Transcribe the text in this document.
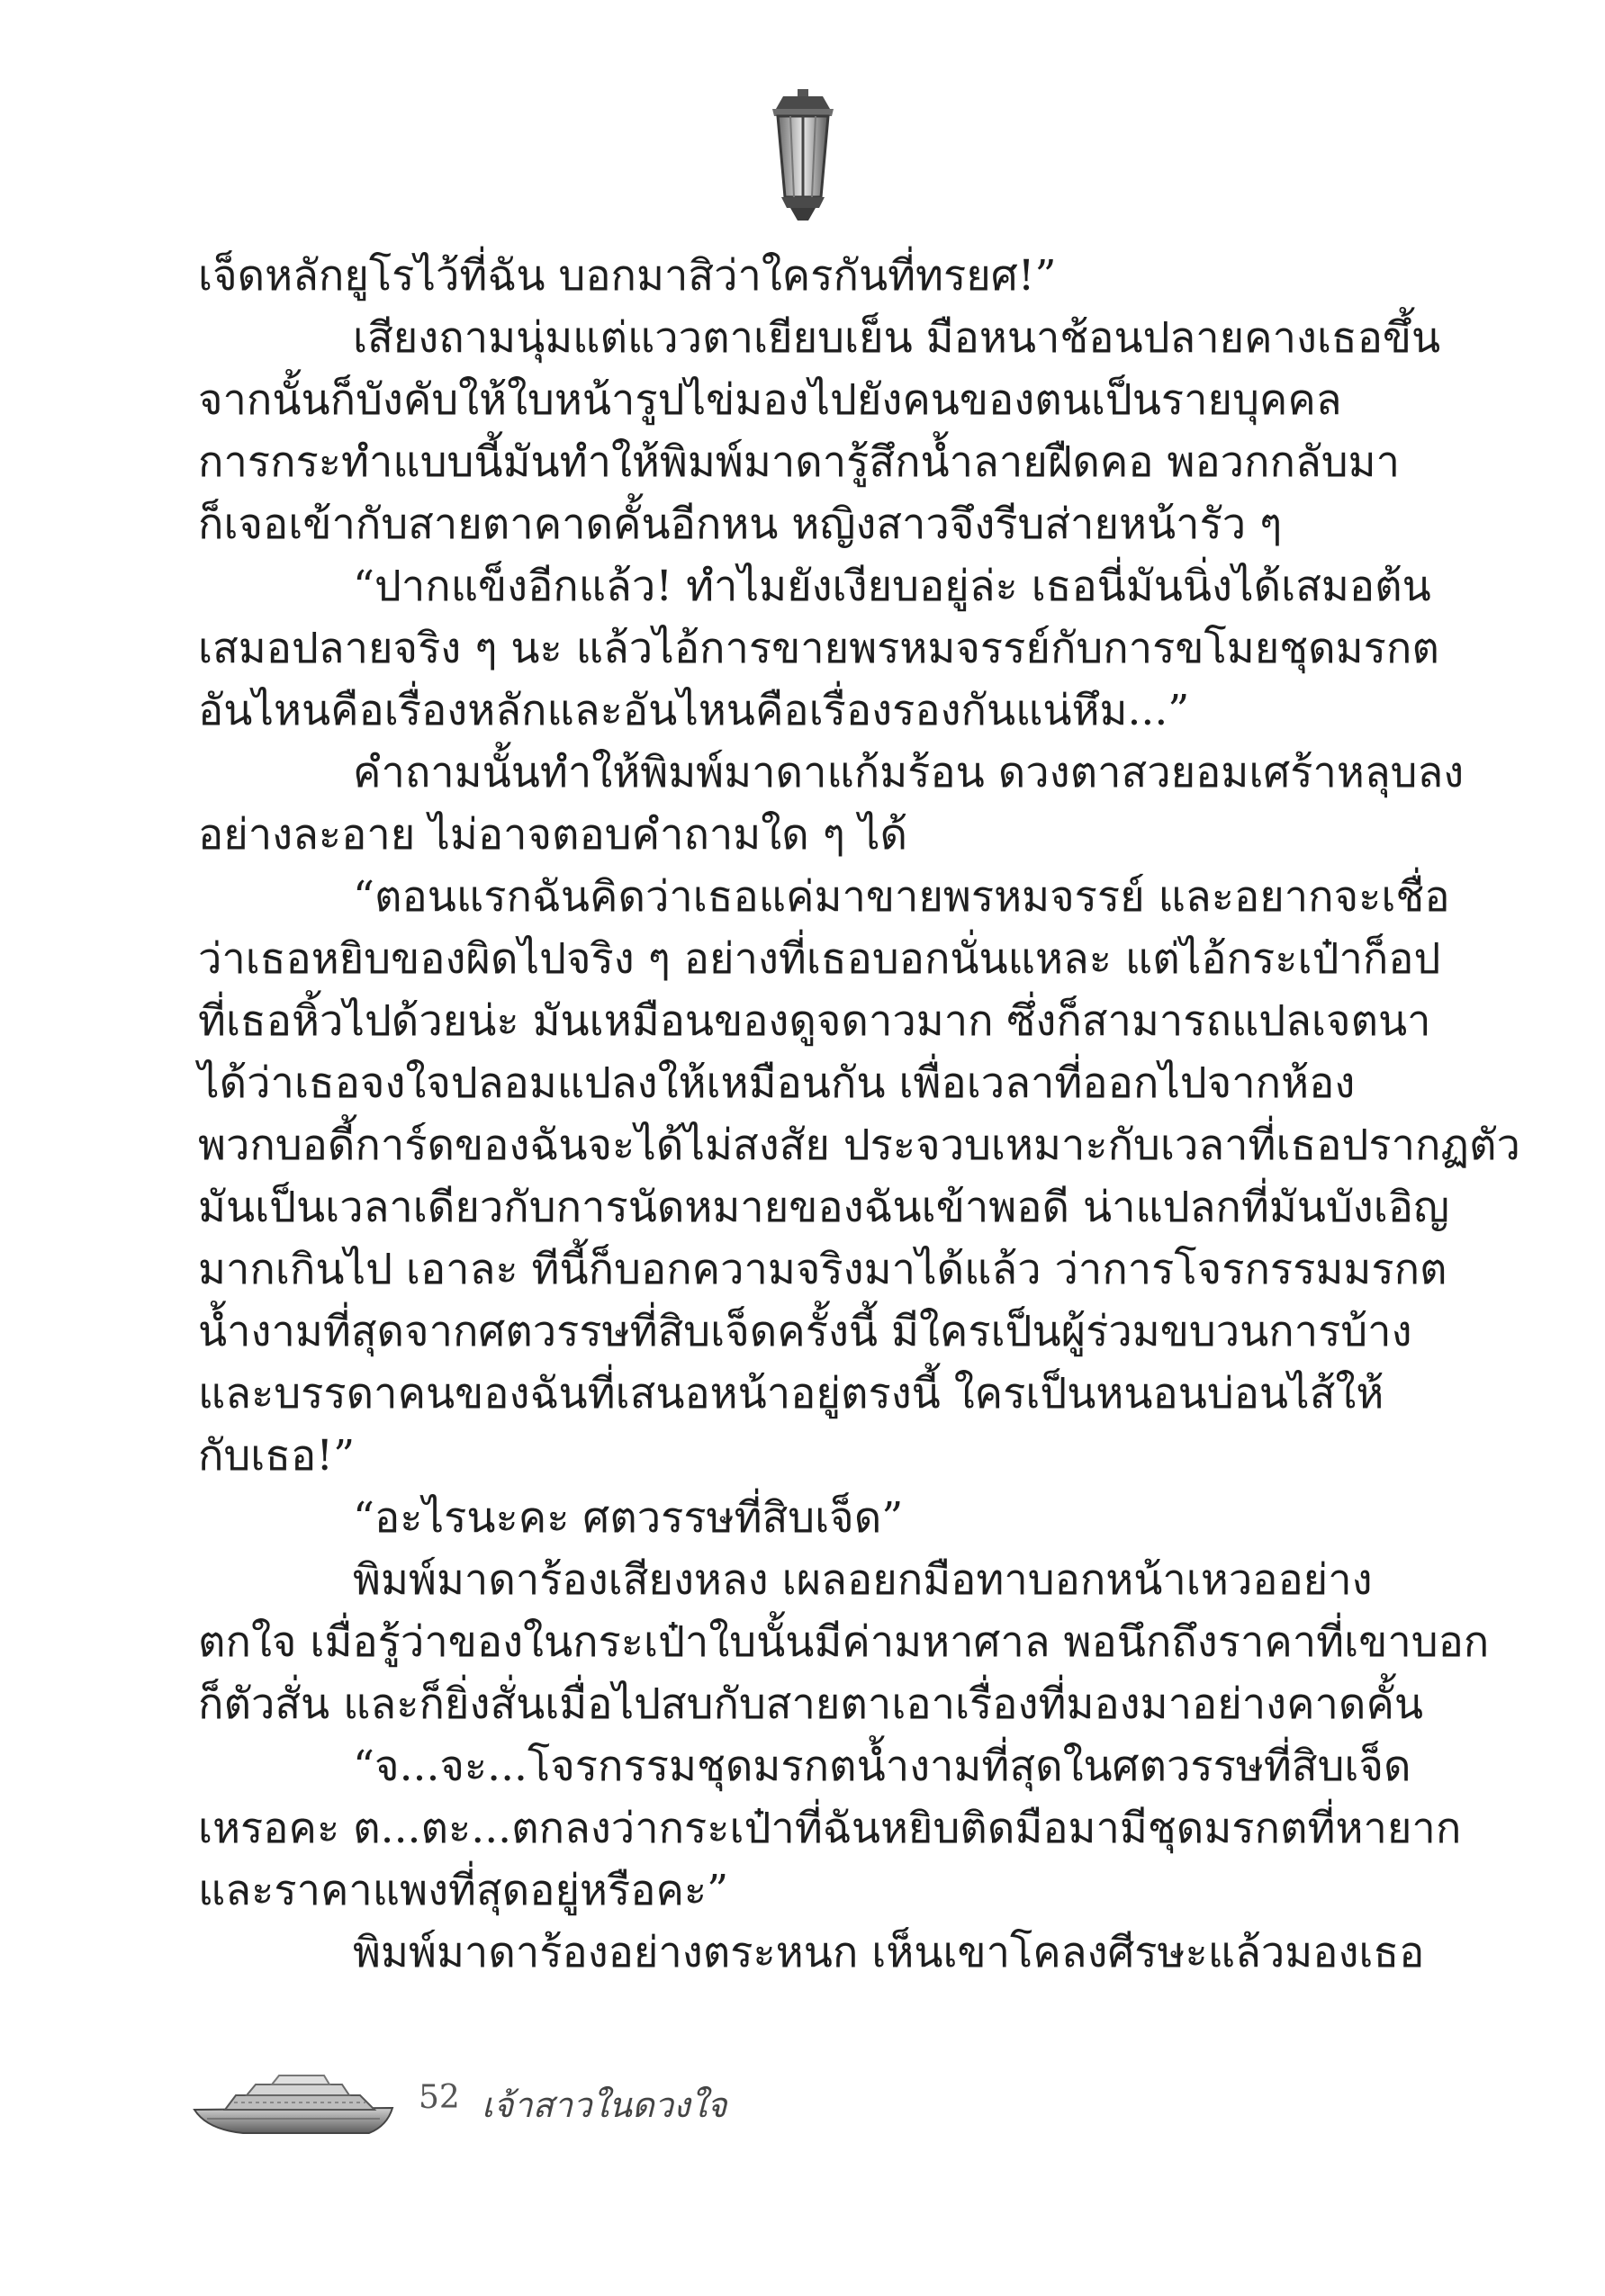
เจ็ดหลักยูโรไว้ที่ฉัน บอกมาสิว่าใครกันที่ทรยศ!”
เสียงถามนุ่มแต่แววตาเยียบเย็น มือหนาช้อนปลายคางเธอขึ้น
จากนั้นก็บังคับให้ใบหน้ารูปไข่มองไปยังคนของตนเป็นรายบุคคล
การกระทำแบบนี้มันทำให้พิมพ์มาดารู้สึกน้ำลายฝืดคอ พอวกกลับมา
ก็เจอเข้ากับสายตาคาดคั้นอีกหน หญิงสาวจึงรีบส่ายหน้ารัว ๆ
“ปากแข็งอีกแล้ว! ทำไมยังเงียบอยู่ล่ะ เธอนี่มันนิ่งได้เสมอต้น
เสมอปลายจริง ๆ นะ แล้วไอ้การขายพรหมจรรย์กับการขโมยชุดมรกต
อันไหนคือเรื่องหลักและอันไหนคือเรื่องรองกันแน่หึม...”
คำถามนั้นทำให้พิมพ์มาดาแก้มร้อน ดวงตาสวยอมเศร้าหลุบลง
อย่างละอาย ไม่อาจตอบคำถามใด ๆ ได้
“ตอนแรกฉันคิดว่าเธอแค่มาขายพรหมจรรย์ และอยากจะเชื่อ
ว่าเธอหยิบของผิดไปจริง ๆ อย่างที่เธอบอกนั่นแหละ แต่ไอ้กระเป๋าก็อป
ที่เธอหิ้วไปด้วยน่ะ มันเหมือนของดูจดาวมาก ซึ่งก็สามารถแปลเจตนา
ได้ว่าเธอจงใจปลอมแปลงให้เหมือนกัน เพื่อเวลาที่ออกไปจากห้อง
พวกบอดี้การ์ดของฉันจะได้ไม่สงสัย ประจวบเหมาะกับเวลาที่เธอปรากฏตัว
มันเป็นเวลาเดียวกับการนัดหมายของฉันเข้าพอดี น่าแปลกที่มันบังเอิญ
มากเกินไป เอาละ ทีนี้ก็บอกความจริงมาได้แล้ว ว่าการโจรกรรมมรกต
น้ำงามที่สุดจากศตวรรษที่สิบเจ็ดครั้งนี้ มีใครเป็นผู้ร่วมขบวนการบ้าง
และบรรดาคนของฉันที่เสนอหน้าอยู่ตรงนี้ ใครเป็นหนอนบ่อนไส้ให้
กับเธอ!”
“อะไรนะคะ ศตวรรษที่สิบเจ็ด”
พิมพ์มาดาร้องเสียงหลง เผลอยกมือทาบอกหน้าเหวออย่าง
ตกใจ เมื่อรู้ว่าของในกระเป๋าใบนั้นมีค่ามหาศาล พอนึกถึงราคาที่เขาบอก
ก็ตัวสั่น และก็ยิ่งสั่นเมื่อไปสบกับสายตาเอาเรื่องที่มองมาอย่างคาดคั้น
“จ...จะ...โจรกรรมชุดมรกตน้ำงามที่สุดในศตวรรษที่สิบเจ็ด
เหรอคะ ต...ตะ...ตกลงว่ากระเป๋าที่ฉันหยิบติดมือมามีชุดมรกตที่หายาก
และราคาแพงที่สุดอยู่หรือคะ”
พิมพ์มาดาร้องอย่างตระหนก เห็นเขาโคลงศีรษะแล้วมองเธอ
52 เจ้าสาวในดวงใจ
